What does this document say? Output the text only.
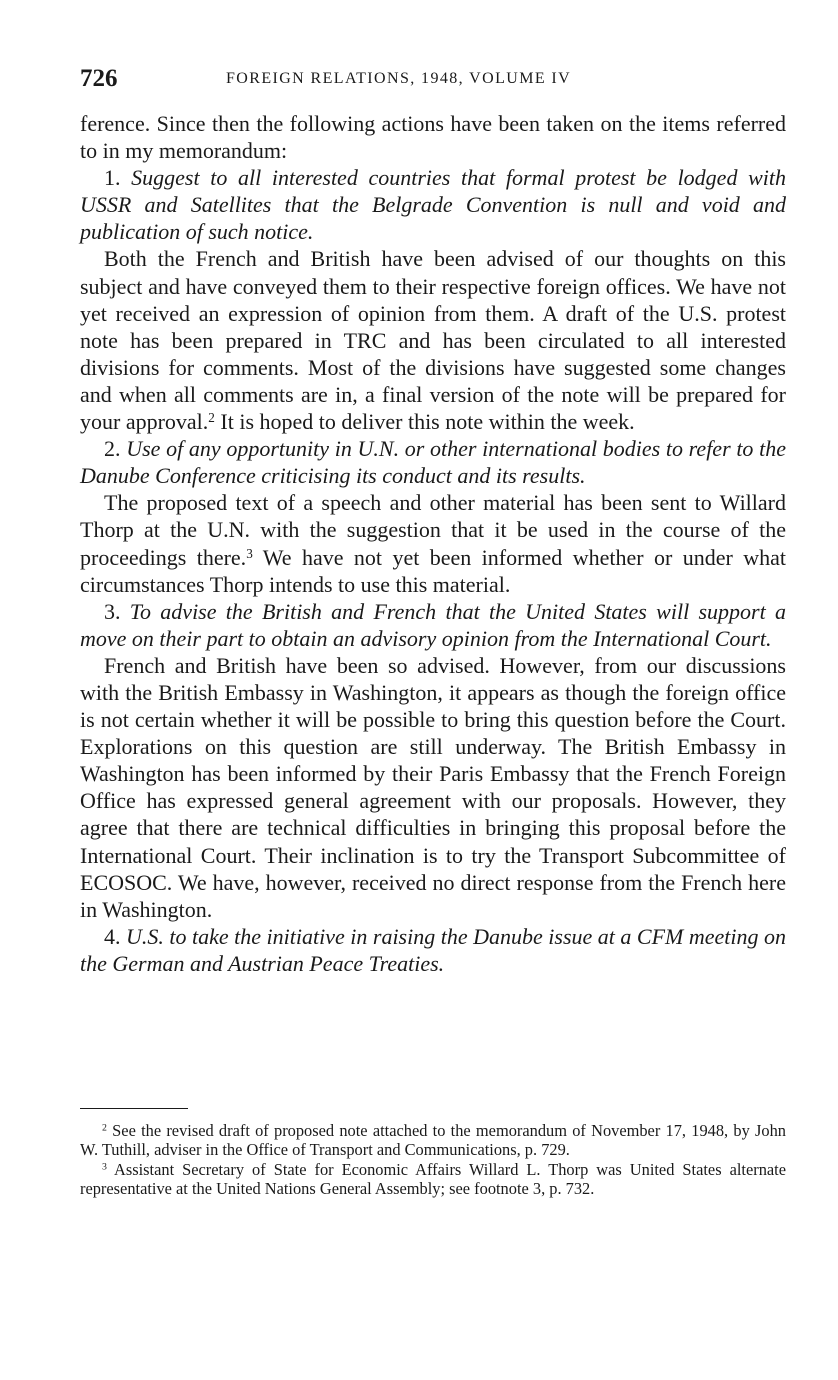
726	FOREIGN RELATIONS, 1948, VOLUME IV

ference. Since then the following actions have been taken on the items referred to in my memorandum:

1. Suggest to all interested countries that formal protest be lodged with USSR and Satellites that the Belgrade Convention is null and void and publication of such notice.

Both the French and British have been advised of our thoughts on this subject and have conveyed them to their respective foreign offices. We have not yet received an expression of opinion from them. A draft of the U.S. protest note has been prepared in TRC and has been circulated to all interested divisions for comments. Most of the divisions have suggested some changes and when all comments are in, a final version of the note will be prepared for your approval.$^2$ It is hoped to deliver this note within the week.

2. Use of any opportunity in U.N. or other international bodies to refer to the Danube Conference criticising its conduct and its results.

The proposed text of a speech and other material has been sent to Willard Thorp at the U.N. with the suggestion that it be used in the course of the proceedings there.$^3$ We have not yet been informed whether or under what circumstances Thorp intends to use this material.

3. To advise the British and French that the United States will support a move on their part to obtain an advisory opinion from the International Court.

French and British have been so advised. However, from our discussions with the British Embassy in Washington, it appears as though the foreign office is not certain whether it will be possible to bring this question before the Court. Explorations on this question are still underway. The British Embassy in Washington has been informed by their Paris Embassy that the French Foreign Office has expressed general agreement with our proposals. However, they agree that there are technical difficulties in bringing this proposal before the International Court. Their inclination is to try the Transport Subcommittee of ECOSOC. We have, however, received no direct response from the French here in Washington.

4. U.S. to take the initiative in raising the Danube issue at a CFM meeting on the German and Austrian Peace Treaties.

$^2$ See the revised draft of proposed note attached to the memorandum of November 17, 1948, by John W. Tuthill, adviser in the Office of Transport and Communications, p. 729.

$^3$ Assistant Secretary of State for Economic Affairs Willard L. Thorp was United States alternate representative at the United Nations General Assembly; see footnote 3, p. 732.
